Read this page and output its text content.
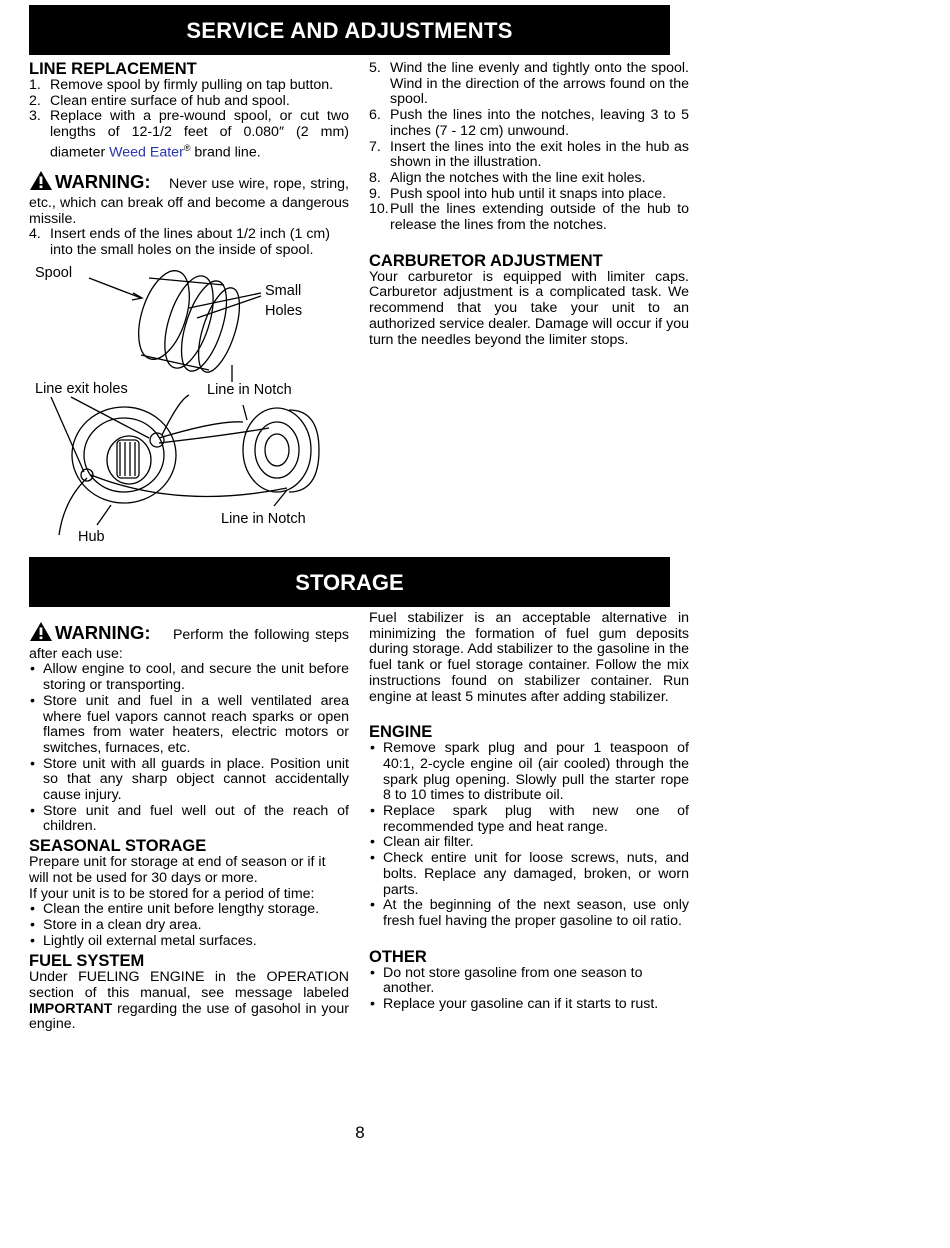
SERVICE AND ADJUSTMENTS

LINE REPLACEMENT

1. Remove spool by firmly pulling on tap button.
2. Clean entire surface of hub and spool.
3. Replace with a pre-wound spool, or cut two lengths of 12-1/2 feet of 0.080″ (2 mm) diameter Weed Eater® brand line.

WARNING: Never use wire, rope, string, etc., which can break off and become a dangerous missile.

4. Insert ends of the lines about 1/2 inch (1 cm) into the small holes on the inside of spool.
Spool
Small
Holes
Line exit holes	Line in Notch
Line in Notch
Hub
5. Wind the line evenly and tightly onto the spool. Wind in the direction of the arrows found on the spool.
6. Push the lines into the notches, leaving 3 to 5 inches (7 - 12 cm) unwound.
7. Insert the lines into the exit holes in the hub as shown in the illustration.
8. Align the notches with the line exit holes.
9. Push spool into hub until it snaps into place.
10. Pull the lines extending outside of the hub to release the lines from the notches.

CARBURETOR ADJUSTMENT

Your carburetor is equipped with limiter caps. Carburetor adjustment is a complicated task. We recommend that you take your unit to an authorized service dealer. Damage will occur if you turn the needles beyond the limiter stops.

STORAGE

WARNING: Perform the following steps after each use:

• Allow engine to cool, and secure the unit before storing or transporting.
• Store unit and fuel in a well ventilated area where fuel vapors cannot reach sparks or open flames from water heaters, electric motors or switches, furnaces, etc.
• Store unit with all guards in place. Position unit so that any sharp object cannot accidentally cause injury.
• Store unit and fuel well out of the reach of children.

SEASONAL STORAGE

Prepare unit for storage at end of season or if it will not be used for 30 days or more.

If your unit is to be stored for a period of time:

• Clean the entire unit before lengthy storage.
• Store in a clean dry area.
• Lightly oil external metal surfaces.

FUEL SYSTEM

Under FUELING ENGINE in the OPERATION section of this manual, see message labeled IMPORTANT regarding the use of gasohol in your engine.

Fuel stabilizer is an acceptable alternative in minimizing the formation of fuel gum deposits during storage. Add stabilizer to the gasoline in the fuel tank or fuel storage container. Follow the mix instructions found on stabilizer container. Run engine at least 5 minutes after adding stabilizer.

ENGINE

• Remove spark plug and pour 1 teaspoon of 40:1, 2-cycle engine oil (air cooled) through the spark plug opening. Slowly pull the starter rope 8 to 10 times to distribute oil.
• Replace spark plug with new one of recommended type and heat range.
• Clean air filter.
• Check entire unit for loose screws, nuts, and bolts. Replace any damaged, broken, or worn parts.
• At the beginning of the next season, use only fresh fuel having the proper gasoline to oil ratio.

OTHER

• Do not store gasoline from one season to another.
• Replace your gasoline can if it starts to rust.
8
